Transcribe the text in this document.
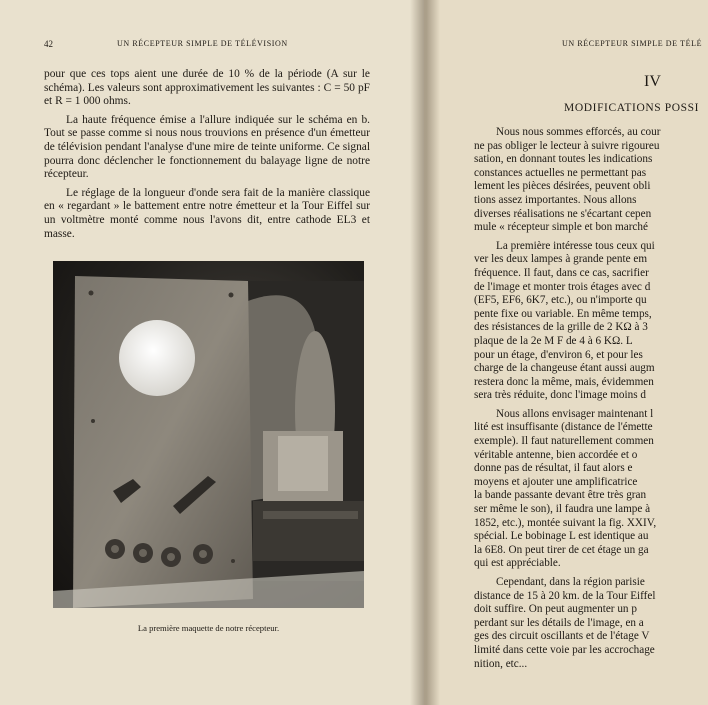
42	UN RÉCEPTEUR SIMPLE DE TÉLÉVISION

pour que ces tops aient une durée de 10 % de la période (A sur le schéma). Les valeurs sont approximativement les suivantes : C = 50 pF et R = 1 000 ohms.

La haute fréquence émise a l'allure indiquée sur le schéma en b. Tout se passe comme si nous nous trouvions en présence d'un émetteur de télévision pendant l'analyse d'une mire de teinte uniforme. Ce signal pourra donc déclencher le fonctionnement du balayage ligne de notre récepteur.

Le réglage de la longueur d'onde sera fait de la manière classique en « regardant » le battement entre notre émetteur et la Tour Eiffel sur un voltmètre monté comme nous l'avons dit, entre cathode EL3 et masse.

La première maquette de notre récepteur.
UN RÉCEPTEUR SIMPLE DE TÉLÉ
IV
MODIFICATIONS POSSI
Nous nous sommes efforcés, au cour
ne pas obliger le lecteur à suivre rigoureu
sation, en donnant toutes les indications
constances actuelles ne permettant pas
lement les pièces désirées, peuvent obli
tions assez importantes. Nous allons
diverses réalisations ne s'écartant cepen
mule « récepteur simple et bon marché
La première intéresse tous ceux qui
ver les deux lampes à grande pente em
fréquence. Il faut, dans ce cas, sacrifier
de l'image et monter trois étages avec d
(EF5, EF6, 6K7, etc.), ou n'importe qu
pente fixe ou variable. En même temps,
des résistances de la grille de 2 KΩ à 3
plaque de la 2e M F de 4 à 6 KΩ. L
pour un étage, d'environ 6, et pour les
charge de la changeuse étant aussi augm
restera donc la même, mais, évidemmen
sera très réduite, donc l'image moins d
Nous allons envisager maintenant l
lité est insuffisante (distance de l'émette
exemple). Il faut naturellement commen
véritable antenne, bien accordée et o
donne pas de résultat, il faut alors e
moyens et ajouter une amplificatrice
la bande passante devant être très gran
ser même le son), il faudra une lampe à
1852, etc.), montée suivant la fig. XXIV,
spécial. Le bobinage L est identique au
la 6E8. On peut tirer de cet étage un ga
qui est appréciable.
Cependant, dans la région parisie
distance de 15 à 20 km. de la Tour Eiffel
doit suffire. On peut augmenter un p
perdant sur les détails de l'image, en a
ges des circuit oscillants et de l'étage V
limité dans cette voie par les accrochage
nition, etc...
